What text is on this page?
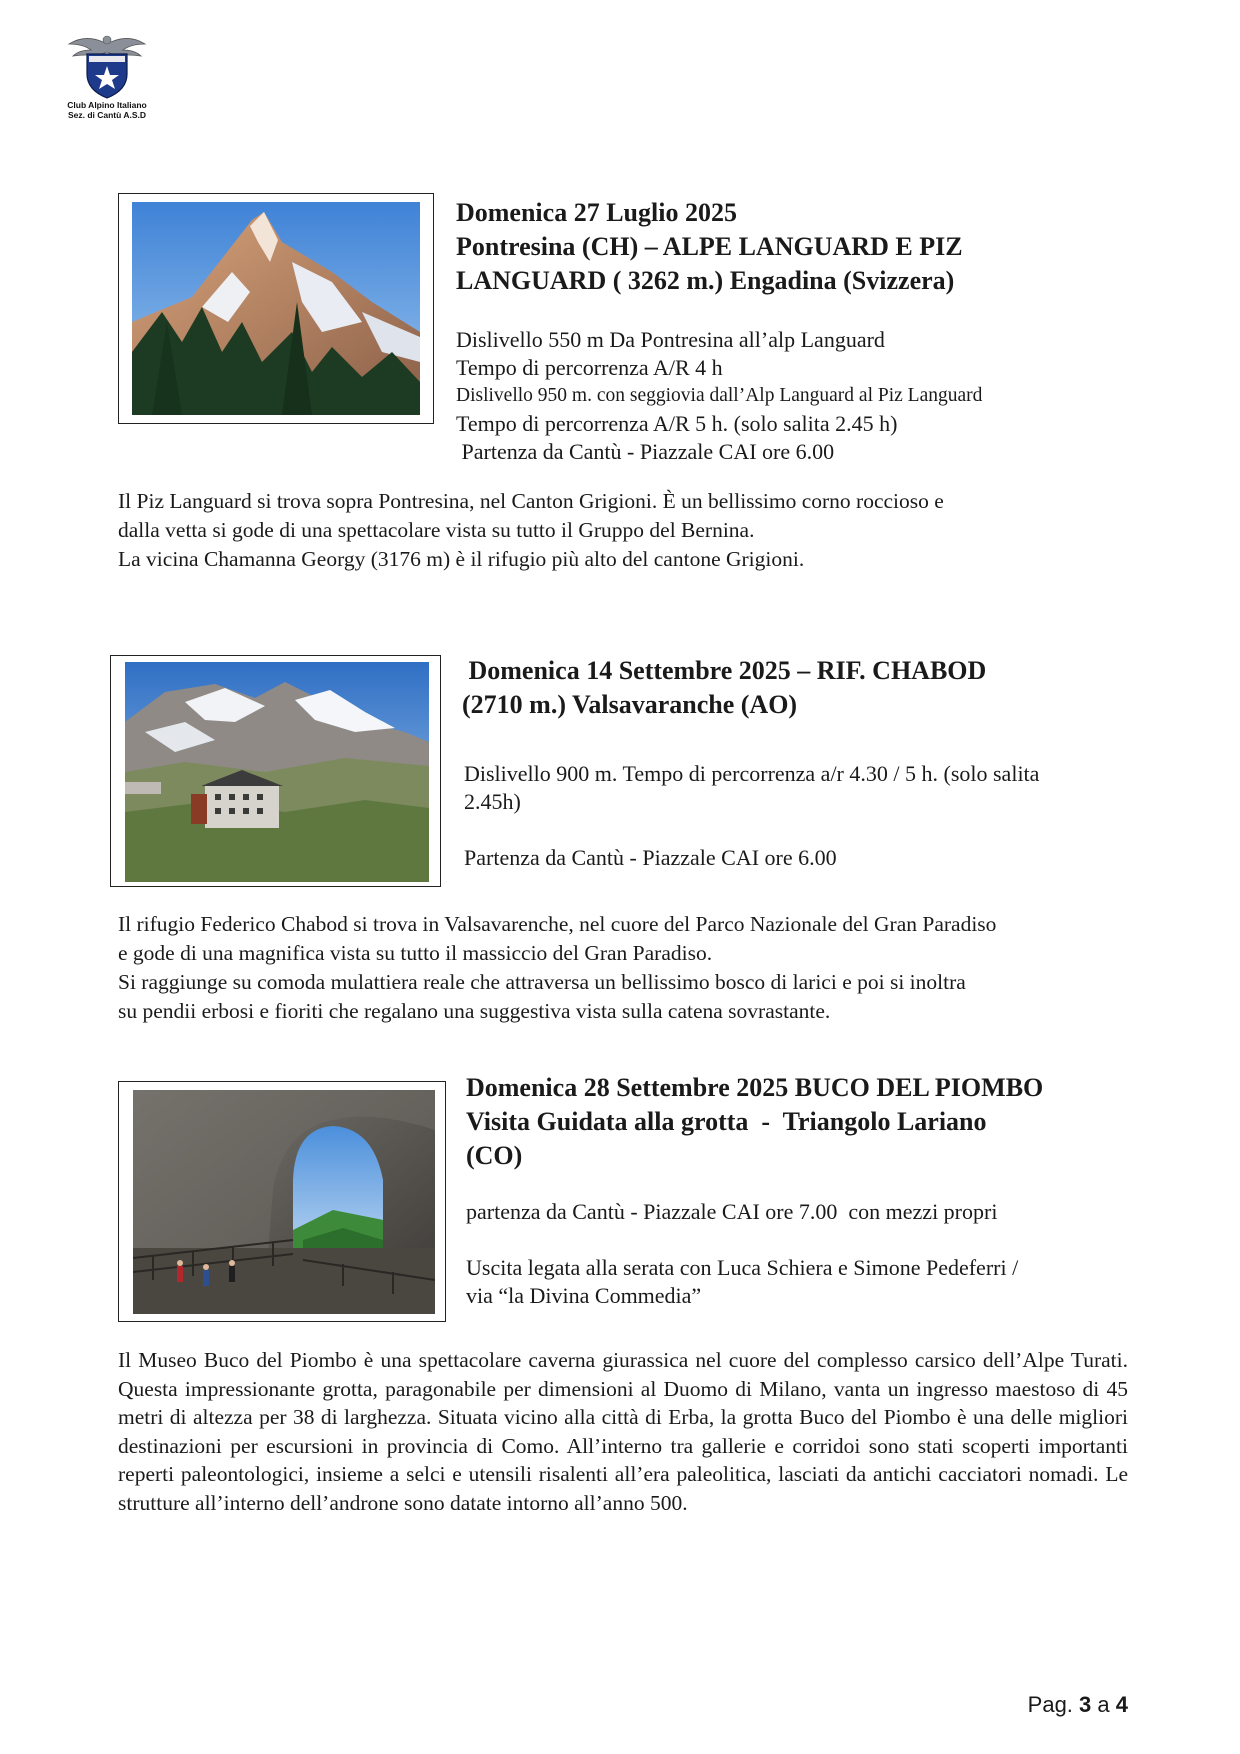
Club Alpino Italiano
Sez. di Cantù A.S.D

Domenica 27 Luglio 2025

Pontresina (CH) – ALPE LANGUARD E PIZ

LANGUARD ( 3262 m.) Engadina (Svizzera)

Dislivello 550 m Da Pontresina all’alp Languard

Tempo di percorrenza A/R 4 h

Dislivello 950 m. con seggiovia dall’Alp Languard al Piz Languard

Tempo di percorrenza A/R 5 h. (solo salita 2.45 h)

Partenza da Cantù - Piazzale CAI ore 6.00

Il Piz Languard si trova sopra Pontresina, nel Canton Grigioni. È un bellissimo corno roccioso e
dalla vetta si gode di una spettacolare vista su tutto il Gruppo del Bernina.
La vicina Chamanna Georgy (3176 m) è il rifugio più alto del cantone Grigioni.

Domenica 14 Settembre 2025 – RIF. CHABOD

(2710 m.) Valsavaranche (AO)

Dislivello 900 m. Tempo di percorrenza a/r 4.30 / 5 h. (solo salita

2.45h)

Partenza da Cantù - Piazzale CAI ore 6.00

Il rifugio Federico Chabod si trova in Valsavarenche, nel cuore del Parco Nazionale del Gran Paradiso
e gode di una magnifica vista su tutto il massiccio del Gran Paradiso.
Si raggiunge su comoda mulattiera reale che attraversa un bellissimo bosco di larici e poi si inoltra
su pendii erbosi e fioriti che regalano una suggestiva vista sulla catena sovrastante.

Domenica 28 Settembre 2025 BUCO DEL PIOMBO

Visita Guidata alla grotta  -  Triangolo Lariano

(CO)

partenza da Cantù - Piazzale CAI ore 7.00  con mezzi propri

Uscita legata alla serata con Luca Schiera e Simone Pedeferri /

via “la Divina Commedia”

Il Museo Buco del Piombo è una spettacolare caverna giurassica nel cuore del complesso carsico dell’Alpe Turati. Questa impressionante grotta, paragonabile per dimensioni al Duomo di Milano, vanta un ingresso maestoso di 45 metri di altezza per 38 di larghezza. Situata vicino alla città di Erba, la grotta Buco del Piombo è una delle migliori destinazioni per escursioni in provincia di Como. All’interno tra gallerie e corridoi sono stati scoperti importanti reperti paleontologici, insieme a selci e utensili risalenti all’era paleolitica, lasciati da antichi cacciatori nomadi. Le strutture all’interno dell’androne sono datate intorno all’anno 500.

Pag. 3 a 4
